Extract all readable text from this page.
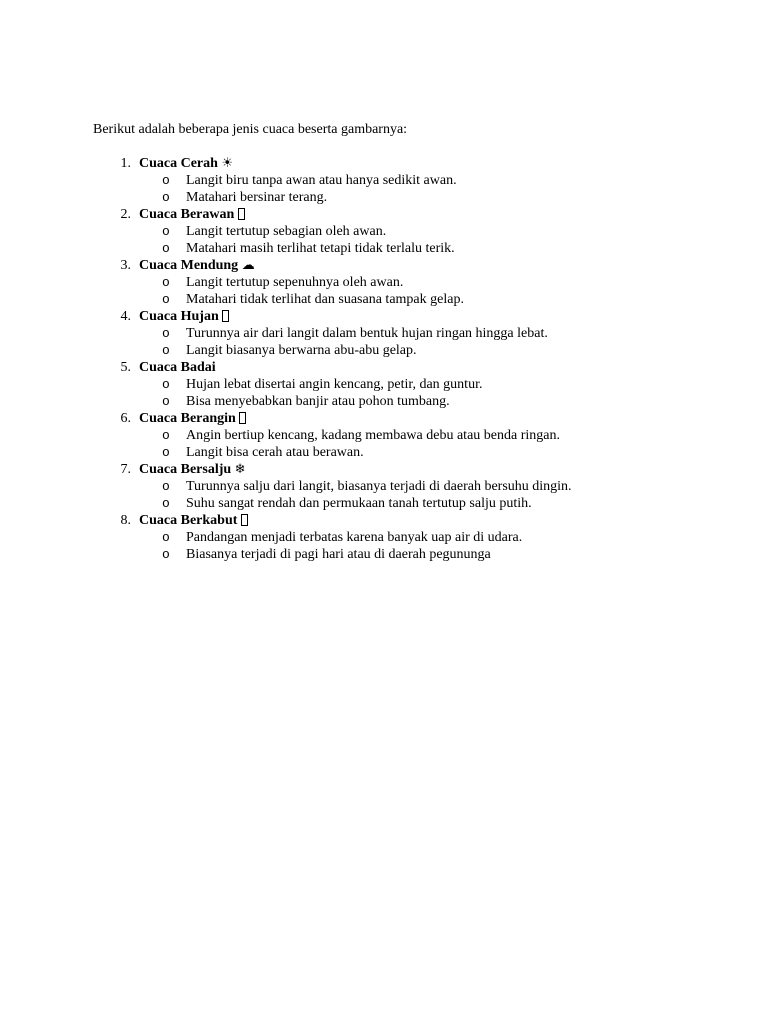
Berikut adalah beberapa jenis cuaca beserta gambarnya:
1. Cuaca Cerah ☀
o Langit biru tanpa awan atau hanya sedikit awan.
o Matahari bersinar terang.
2. Cuaca Berawan
o Langit tertutup sebagian oleh awan.
o Matahari masih terlihat tetapi tidak terlalu terik.
3. Cuaca Mendung ☁
o Langit tertutup sepenuhnya oleh awan.
o Matahari tidak terlihat dan suasana tampak gelap.
4. Cuaca Hujan
o Turunnya air dari langit dalam bentuk hujan ringan hingga lebat.
o Langit biasanya berwarna abu-abu gelap.
5. Cuaca Badai
o Hujan lebat disertai angin kencang, petir, dan guntur.
o Bisa menyebabkan banjir atau pohon tumbang.
6. Cuaca Berangin
o Angin bertiup kencang, kadang membawa debu atau benda ringan.
o Langit bisa cerah atau berawan.
7. Cuaca Bersalju ❄
o Turunnya salju dari langit, biasanya terjadi di daerah bersuhu dingin.
o Suhu sangat rendah dan permukaan tanah tertutup salju putih.
8. Cuaca Berkabut
o Pandangan menjadi terbatas karena banyak uap air di udara.
o Biasanya terjadi di pagi hari atau di daerah pegununga
